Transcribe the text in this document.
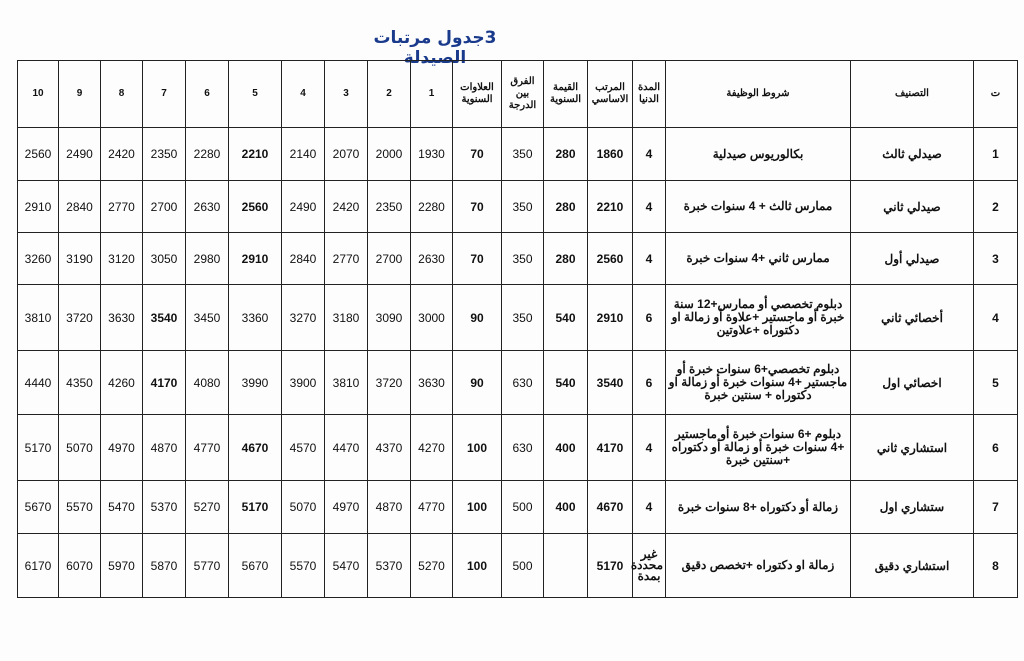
3جدول مرتبات الصيدلة
ت	التصنيف	شروط الوظيفة	المدة الدنيا	المرتب الاساسي	القيمة السنوية	الفرق بين الدرجة	العلاوات السنوية	1	2	3	4	5	6	7	8	9	10
1	صيدلي ثالث	بكالوريوس صيدلية	4	1860	280	350	70	1930	2000	2070	2140	2210	2280	2350	2420	2490	2560
2	صيدلي ثاني	ممارس ثالث + 4 سنوات خبرة	4	2210	280	350	70	2280	2350	2420	2490	2560	2630	2700	2770	2840	2910
3	صيدلي أول	ممارس ثاني +4 سنوات خبرة	4	2560	280	350	70	2630	2700	2770	2840	2910	2980	3050	3120	3190	3260
4	أخصائي ثاني	دبلوم تخصصي أو ممارس+12 سنة خبرة أو ماجستير +علاوة أو زمالة او دكتوراه +علاوتين	6	2910	540	350	90	3000	3090	3180	3270	3360	3450	3540	3630	3720	3810
5	اخصائي اول	دبلوم تخصصي+6 سنوات خبرة أو ماجستير +4 سنوات خبرة أو زمالة او دكتوراه + سنتين خبرة	6	3540	540	630	90	3630	3720	3810	3900	3990	4080	4170	4260	4350	4440
6	استشاري ثاني	دبلوم +6 سنوات خبرة أو ماجستير +4 سنوات خبرة أو زمالة أو دكتوراه +سنتين خبرة	4	4170	400	630	100	4270	4370	4470	4570	4670	4770	4870	4970	5070	5170
7	ستشاري اول	زمالة أو دكتوراه +8 سنوات خبرة	4	4670	400	500	100	4770	4870	4970	5070	5170	5270	5370	5470	5570	5670
8	استشاري دقيق	زمالة او دكتوراه +تخصص دقيق	غير محددة بمدة	5170		500	100	5270	5370	5470	5570	5670	5770	5870	5970	6070	6170
